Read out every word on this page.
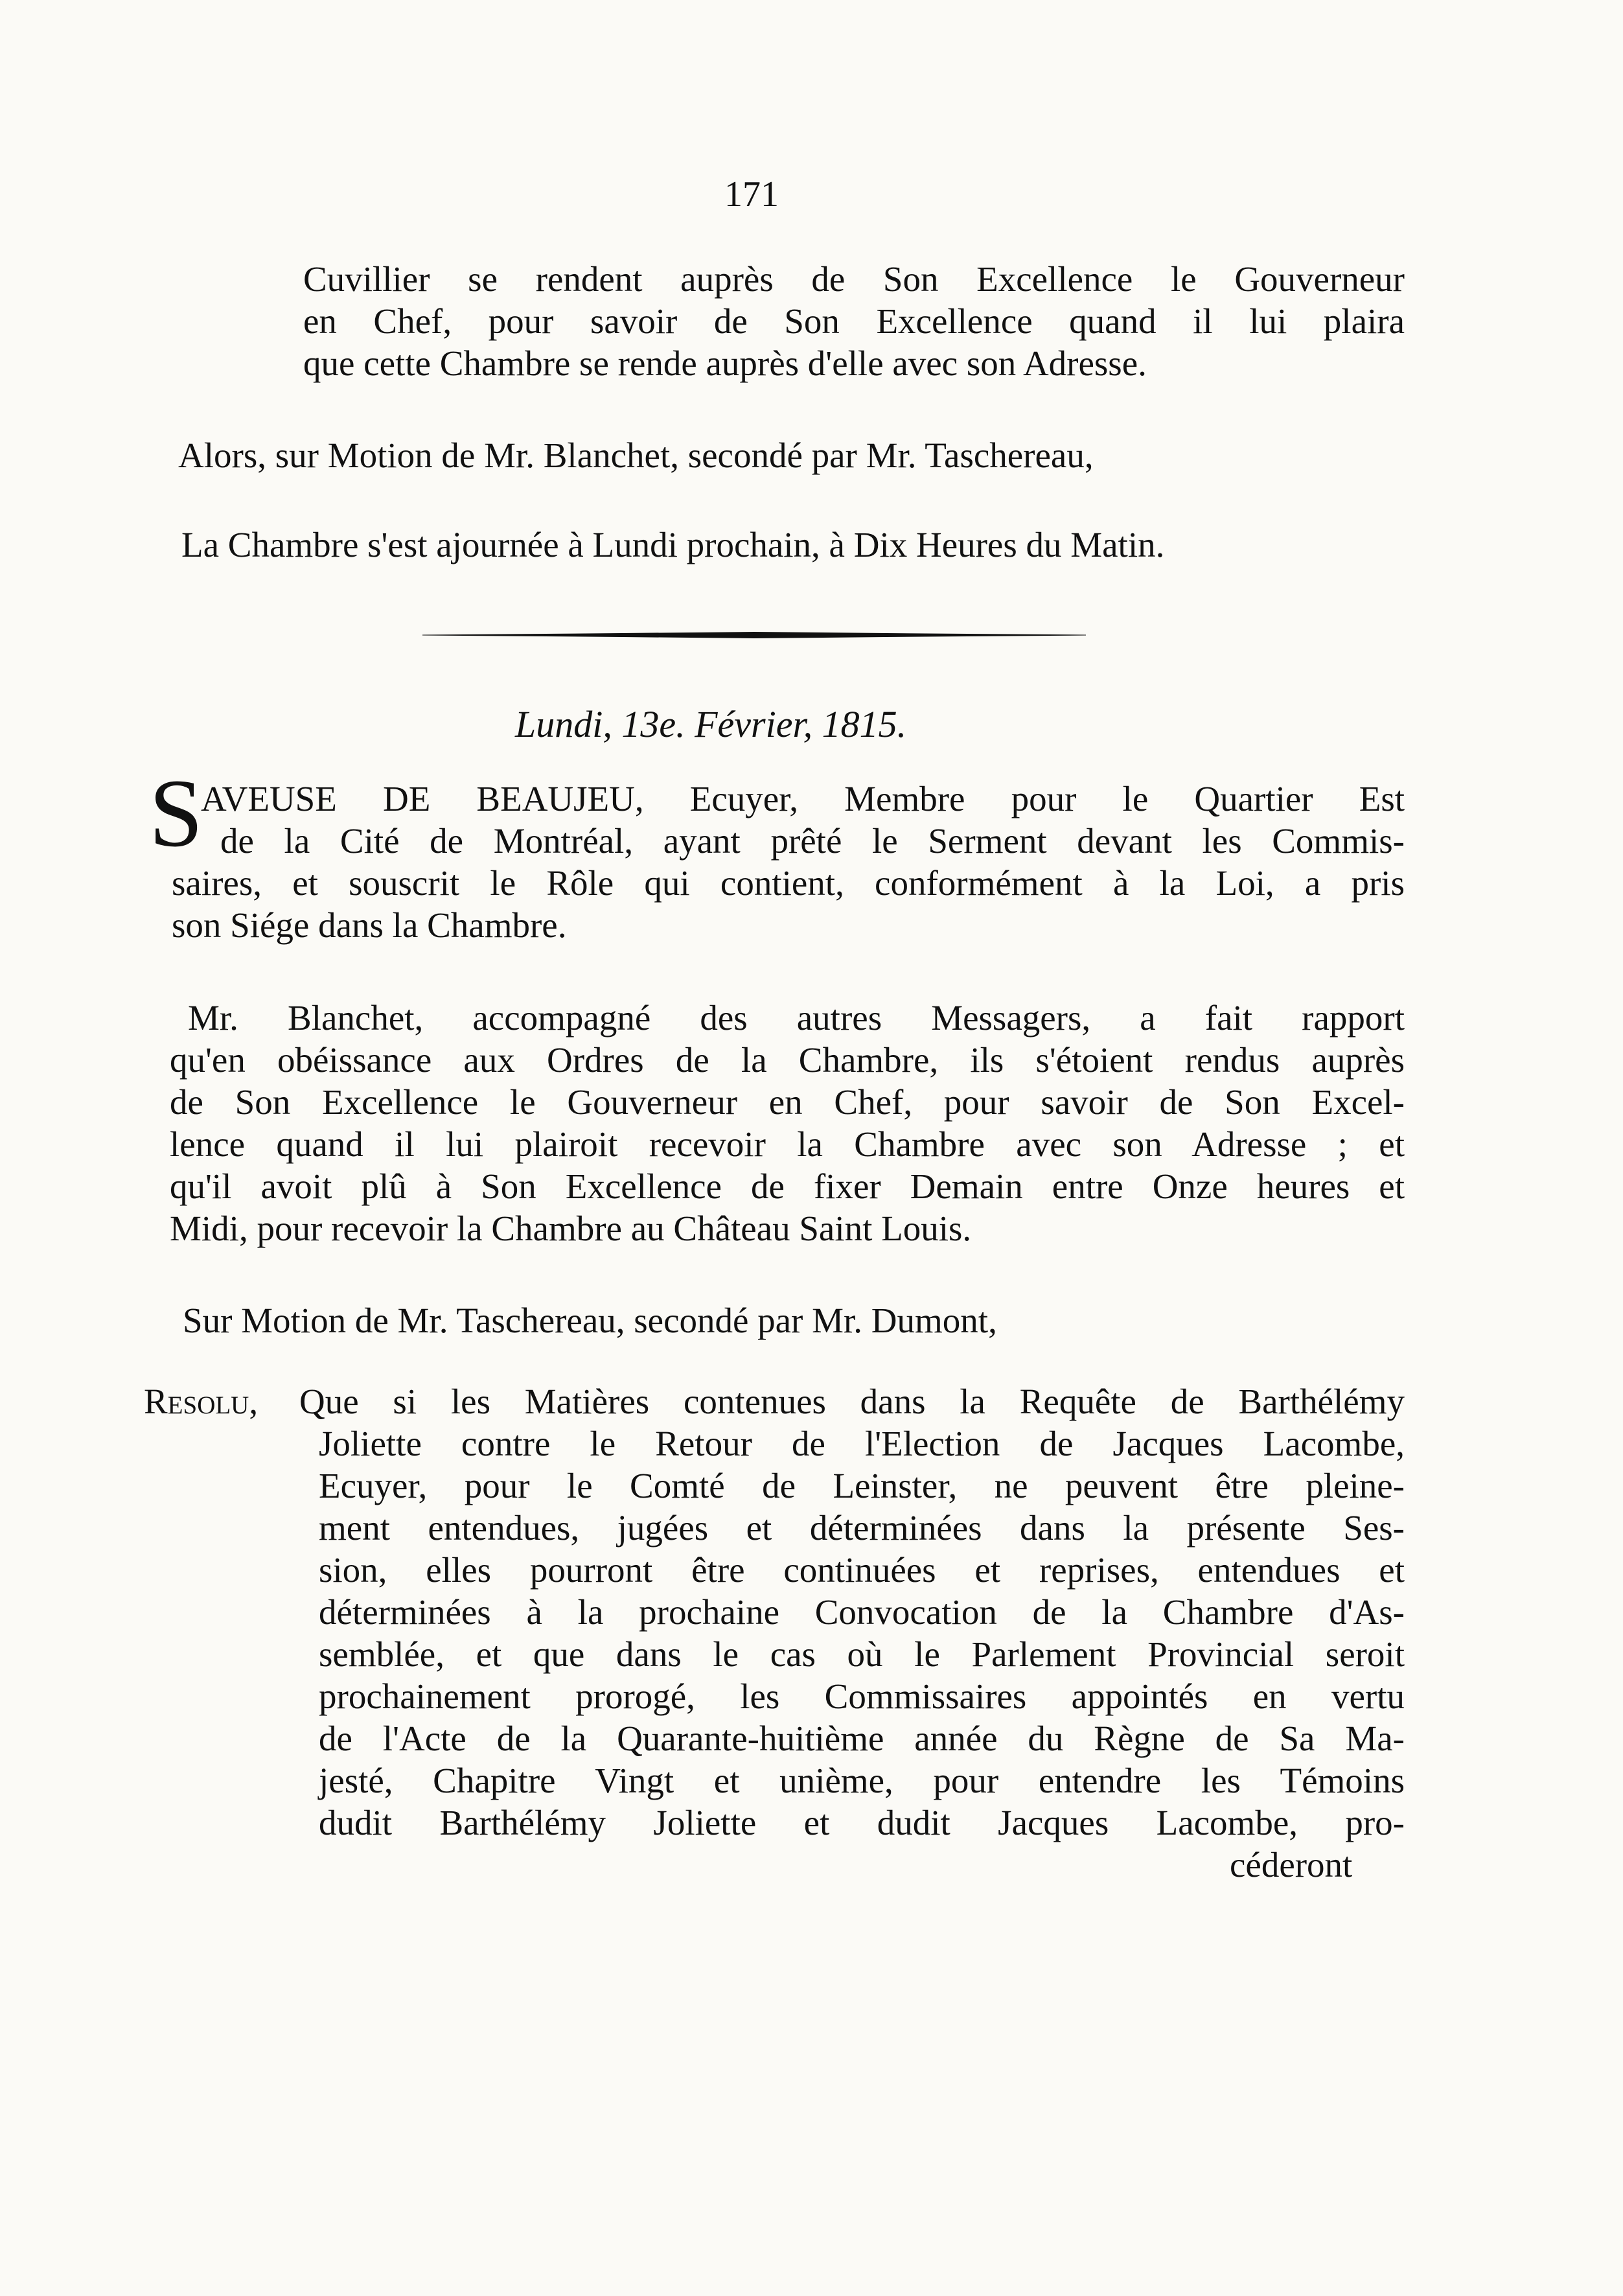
171
Cuvillier se rendent auprès de Son Excellence le Gouverneur
en Chef, pour savoir de Son Excellence quand il lui plaira
que cette Chambre se rende auprès d'elle avec son Adresse.
Alors, sur Motion de Mr. Blanchet, secondé par Mr. Taschereau,
La Chambre s'est ajournée à Lundi prochain, à Dix Heures du Matin.
Lundi, 13e. Février, 1815.
S
AVEUSE DE BEAUJEU, Ecuyer, Membre pour le Quartier Est
de la Cité de Montréal, ayant prêté le Serment devant les Commis-
saires, et souscrit le Rôle qui contient, conformément à la Loi, a pris
son Siége dans la Chambre.
Mr. Blanchet, accompagné des autres Messagers, a fait rapport
qu'en obéissance aux Ordres de la Chambre, ils s'étoient rendus auprès
de Son Excellence le Gouverneur en Chef, pour savoir de Son Excel-
lence quand il lui plairoit recevoir la Chambre avec son Adresse ; et
qu'il avoit plû à Son Excellence de fixer Demain entre Onze heures et
Midi, pour recevoir la Chambre au Château Saint Louis.
Sur Motion de Mr. Taschereau, secondé par Mr. Dumont,
Resolu, Que si les Matières contenues dans la Requête de Barthélémy
Joliette contre le Retour de l'Election de Jacques Lacombe,
Ecuyer, pour le Comté de Leinster, ne peuvent être pleine-
ment entendues, jugées et déterminées dans la présente Ses-
sion, elles pourront être continuées et reprises, entendues et
déterminées à la prochaine Convocation de la Chambre d'As-
semblée, et que dans le cas où le Parlement Provincial seroit
prochainement prorogé, les Commissaires appointés en vertu
de l'Acte de la Quarante-huitième année du Règne de Sa Ma-
jesté, Chapitre Vingt et unième, pour entendre les Témoins
dudit Barthélémy Joliette et dudit Jacques Lacombe, pro-
céderont
